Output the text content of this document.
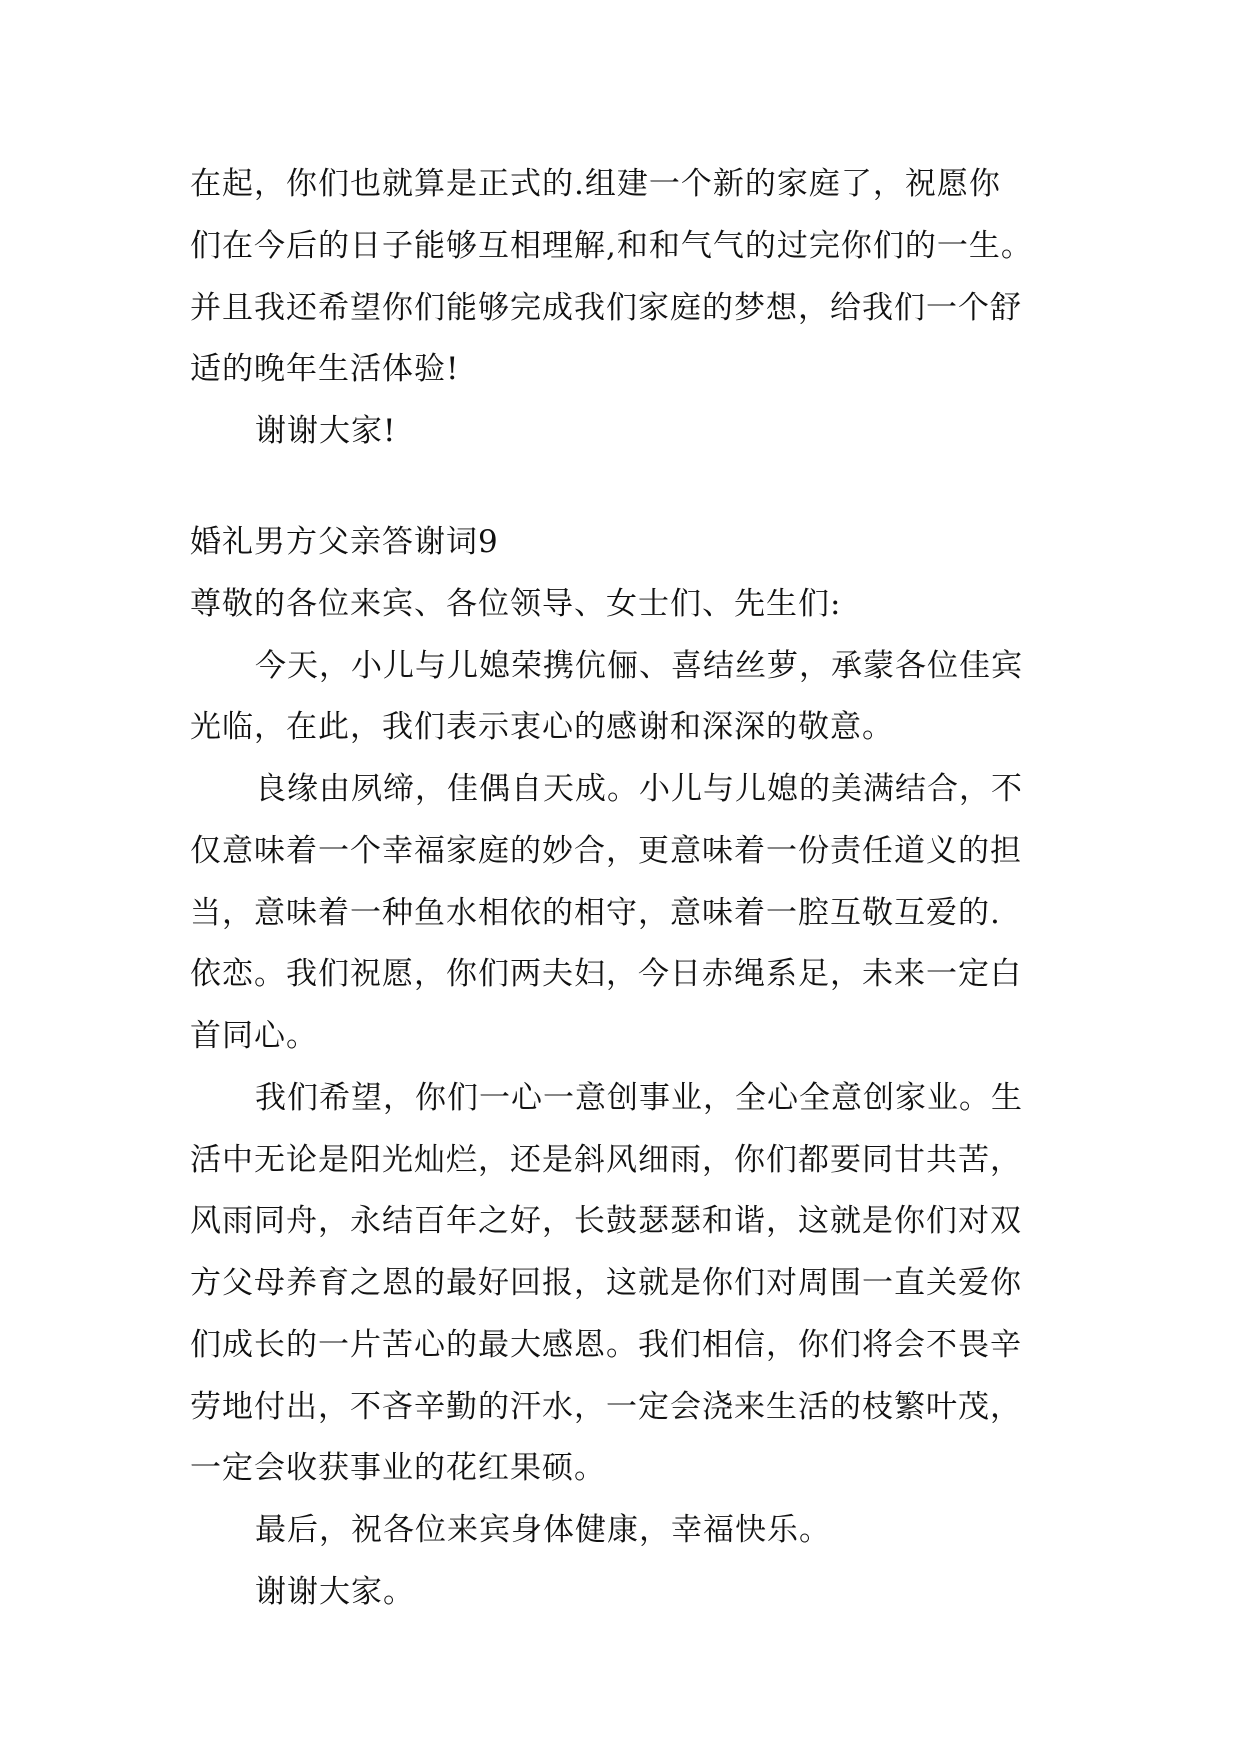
在起，你们也就算是正式的.组建一个新的家庭了，祝愿你
们在今后的日子能够互相理解,和和气气的过完你们的一生。
并且我还希望你们能够完成我们家庭的梦想，给我们一个舒
适的晚年生活体验!
谢谢大家!
婚礼男方父亲答谢词9
尊敬的各位来宾、各位领导、女士们、先生们:
今天，小儿与儿媳荣携伉俪、喜结丝萝，承蒙各位佳宾
光临，在此，我们表示衷心的感谢和深深的敬意。
良缘由夙缔，佳偶自天成。小儿与儿媳的美满结合，不
仅意味着一个幸福家庭的妙合，更意味着一份责任道义的担
当，意味着一种鱼水相依的相守，意味着一腔互敬互爱的.
依恋。我们祝愿，你们两夫妇，今日赤绳系足，未来一定白
首同心。
我们希望，你们一心一意创事业，全心全意创家业。生
活中无论是阳光灿烂，还是斜风细雨，你们都要同甘共苦，
风雨同舟，永结百年之好，长鼓瑟瑟和谐，这就是你们对双
方父母养育之恩的最好回报，这就是你们对周围一直关爱你
们成长的一片苦心的最大感恩。我们相信，你们将会不畏辛
劳地付出，不吝辛勤的汗水，一定会浇来生活的枝繁叶茂，
一定会收获事业的花红果硕。
最后，祝各位来宾身体健康，幸福快乐。
谢谢大家。
